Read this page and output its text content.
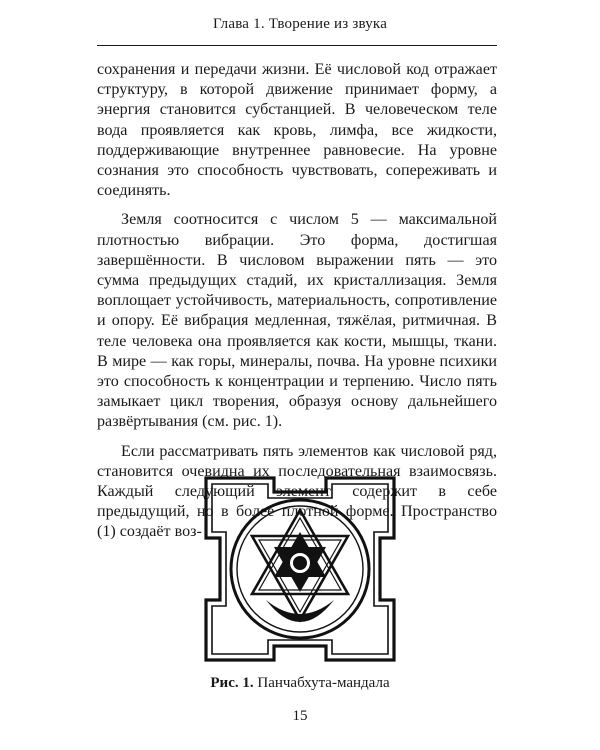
Глава 1. Творение из звука

сохранения и передачи жизни. Её числовой код отражает структуру, в которой движение принимает форму, а энергия становится субстанцией. В человеческом теле вода проявляется как кровь, лимфа, все жидкости, поддерживающие внутреннее равновесие. На уровне сознания это способность чувствовать, сопереживать и соединять.

Земля соотносится с числом 5 — максимальной плотностью вибрации. Это форма, достигшая завершённости. В числовом выражении пять — это сумма предыдущих стадий, их кристаллизация. Земля воплощает устойчивость, материальность, сопротивление и опору. Её вибрация медленная, тяжёлая, ритмичная. В теле человека она проявляется как кости, мышцы, ткани. В мире — как горы, минералы, почва. На уровне психики это способность к концентрации и терпению. Число пять замыкает цикл творения, образуя основу дальнейшего развёртывания (см. рис. 1).

Если рассматривать пять элементов как числовой ряд, становится очевидна их последовательная взаимосвязь. Каждый следующий элемент содержит в себе предыдущий, но в более плотной форме. Пространство (1) создаёт воз-

Рис. 1. Панчабхута-мандала
15
